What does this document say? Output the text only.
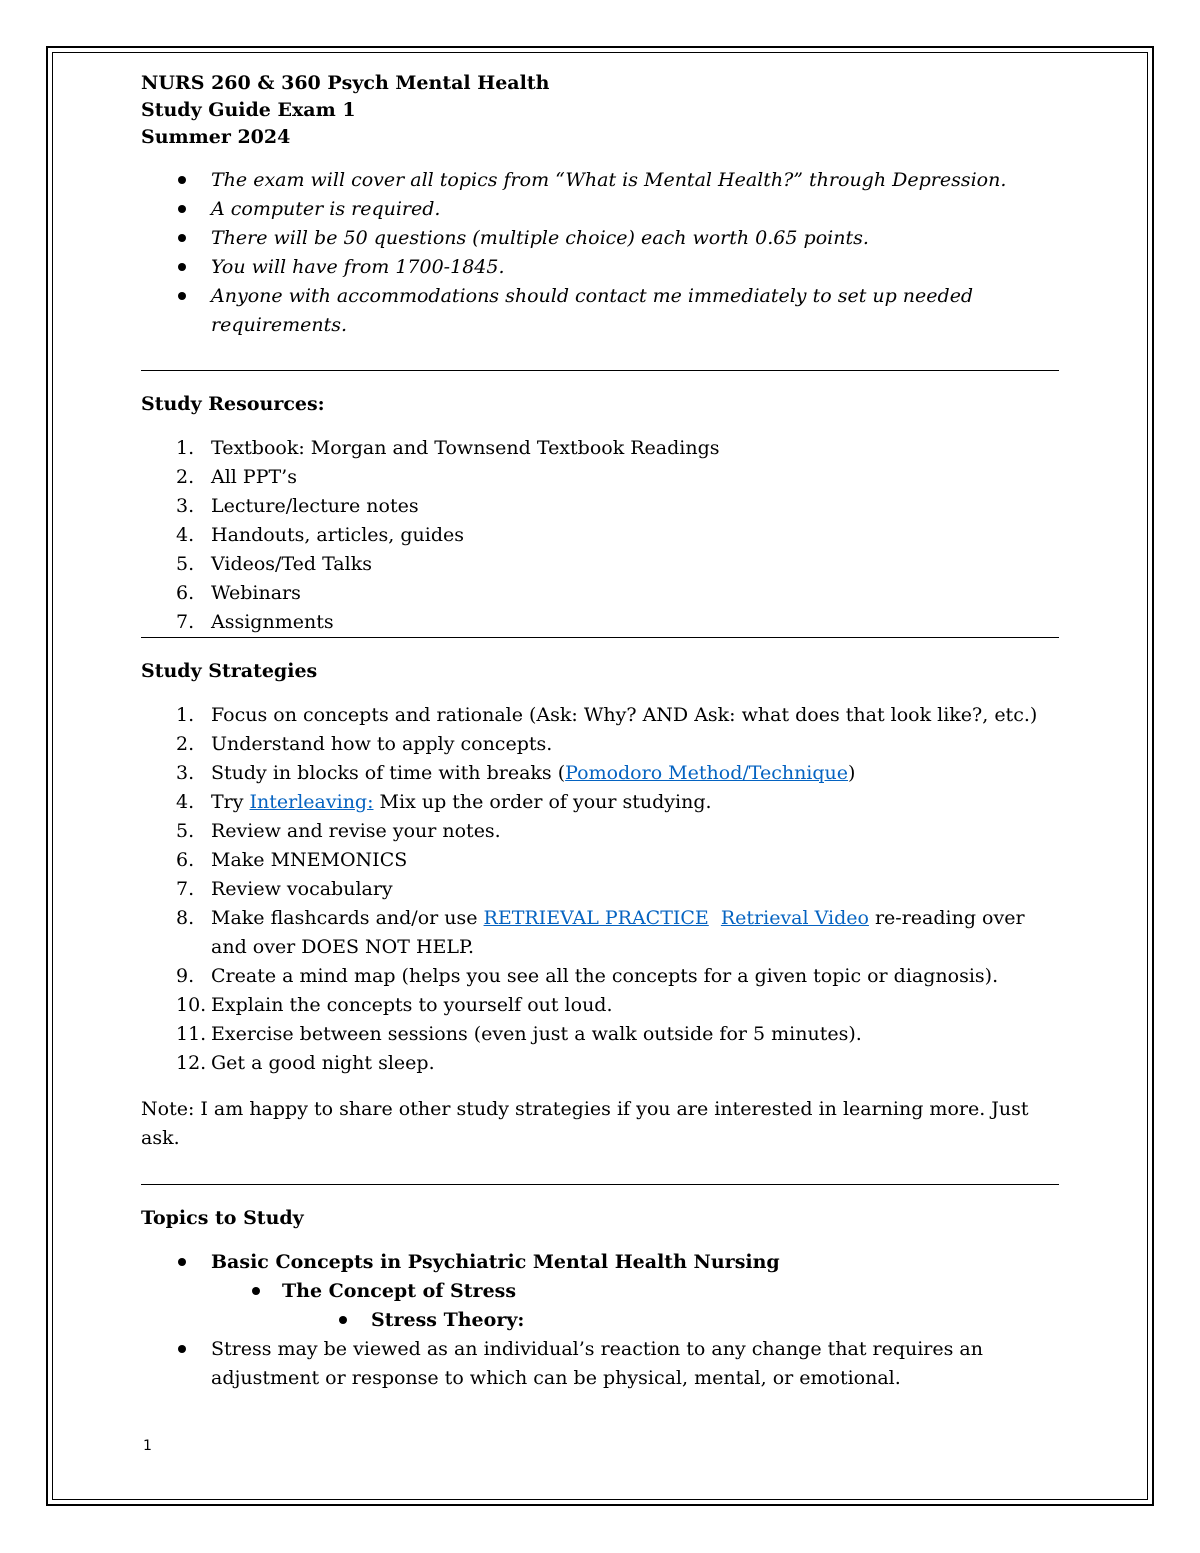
NURS 260 & 360 Psych Mental Health
Study Guide Exam 1
Summer 2024
The exam will cover all topics from “What is Mental Health?” through Depression.
A computer is required.
There will be 50 questions (multiple choice) each worth 0.65 points.
You will have from 1700-1845.
Anyone with accommodations should contact me immediately to set up needed requirements.
Study Resources:
1. Textbook: Morgan and Townsend Textbook Readings
2. All PPT’s
3. Lecture/lecture notes
4. Handouts, articles, guides
5. Videos/Ted Talks
6. Webinars
7. Assignments
Study Strategies
1. Focus on concepts and rationale (Ask: Why? AND Ask: what does that look like?, etc.)
2. Understand how to apply concepts.
3. Study in blocks of time with breaks (Pomodoro Method/Technique)
4. Try Interleaving: Mix up the order of your studying.
5. Review and revise your notes.
6. Make MNEMONICS
7. Review vocabulary
8. Make flashcards and/or use RETRIEVAL PRACTICE Retrieval Video re-reading over and over DOES NOT HELP.
9. Create a mind map (helps you see all the concepts for a given topic or diagnosis).
10. Explain the concepts to yourself out loud.
11. Exercise between sessions (even just a walk outside for 5 minutes).
12. Get a good night sleep.
Note: I am happy to share other study strategies if you are interested in learning more. Just ask.
Topics to Study
Basic Concepts in Psychiatric Mental Health Nursing
The Concept of Stress
Stress Theory:
Stress may be viewed as an individual’s reaction to any change that requires an adjustment or response to which can be physical, mental, or emotional.
1
